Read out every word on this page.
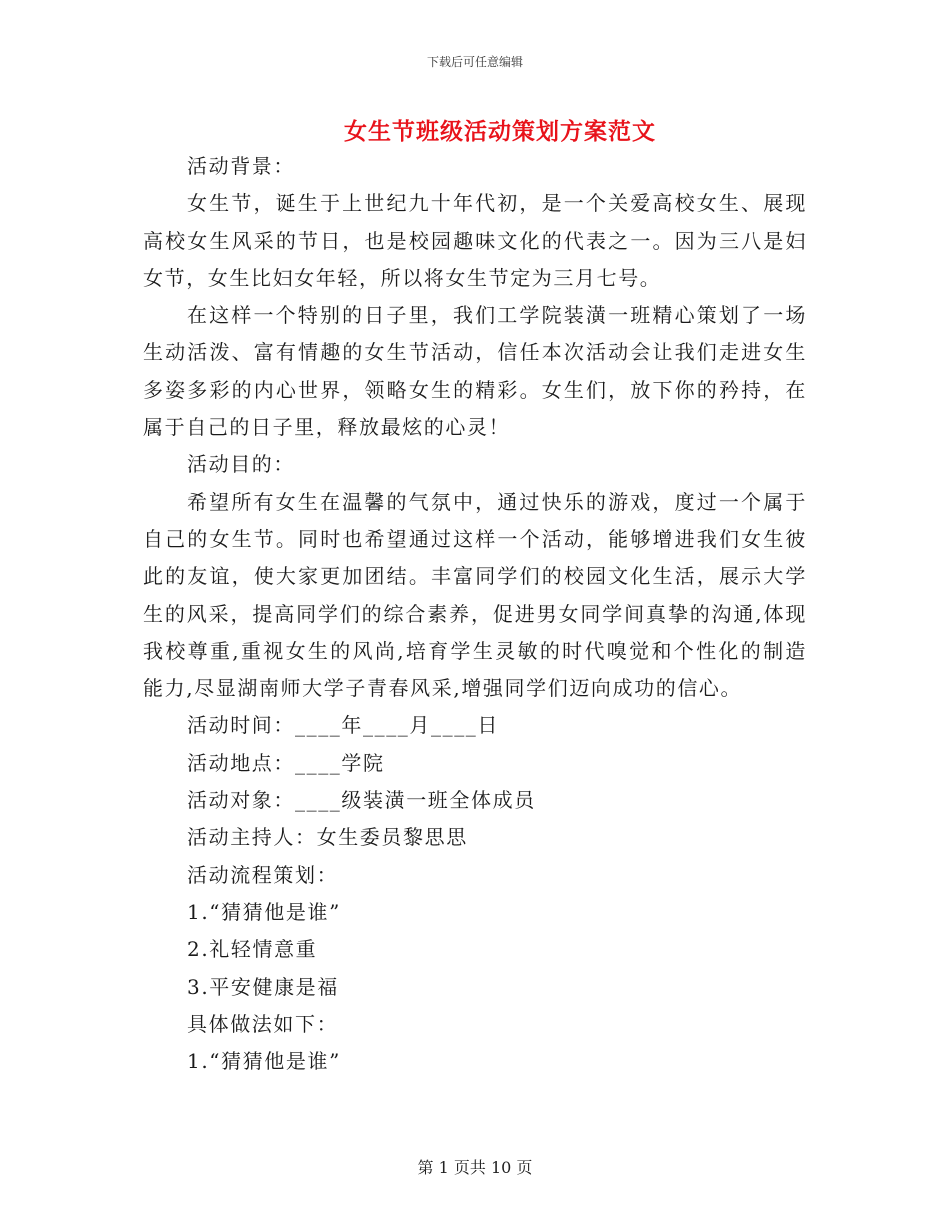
下载后可任意编辑
女生节班级活动策划方案范文
活动背景：
女生节，诞生于上世纪九十年代初，是一个关爱高校女生、展现
高校女生风采的节日，也是校园趣味文化的代表之一。因为三八是妇
女节，女生比妇女年轻，所以将女生节定为三月七号。
在这样一个特别的日子里，我们工学院装潢一班精心策划了一场
生动活泼、富有情趣的女生节活动，信任本次活动会让我们走进女生
多姿多彩的内心世界，领略女生的精彩。女生们，放下你的矜持，在
属于自己的日子里，释放最炫的心灵！
活动目的：
希望所有女生在温馨的气氛中，通过快乐的游戏，度过一个属于
自己的女生节。同时也希望通过这样一个活动，能够增进我们女生彼
此的友谊，使大家更加团结。丰富同学们的校园文化生活，展示大学
生的风采，提高同学们的综合素养，促进男女同学间真挚的沟通,体现
我校尊重,重视女生的风尚,培育学生灵敏的时代嗅觉和个性化的制造
能力,尽显湖南师大学子青春风采,增强同学们迈向成功的信心。
活动时间：____年____月____日
活动地点：____学院
活动对象：____级装潢一班全体成员
活动主持人：女生委员黎思思
活动流程策划：
1.“猜猜他是谁”
2.礼轻情意重
3.平安健康是福
具体做法如下：
1.“猜猜他是谁”
第 1 页共 10 页
